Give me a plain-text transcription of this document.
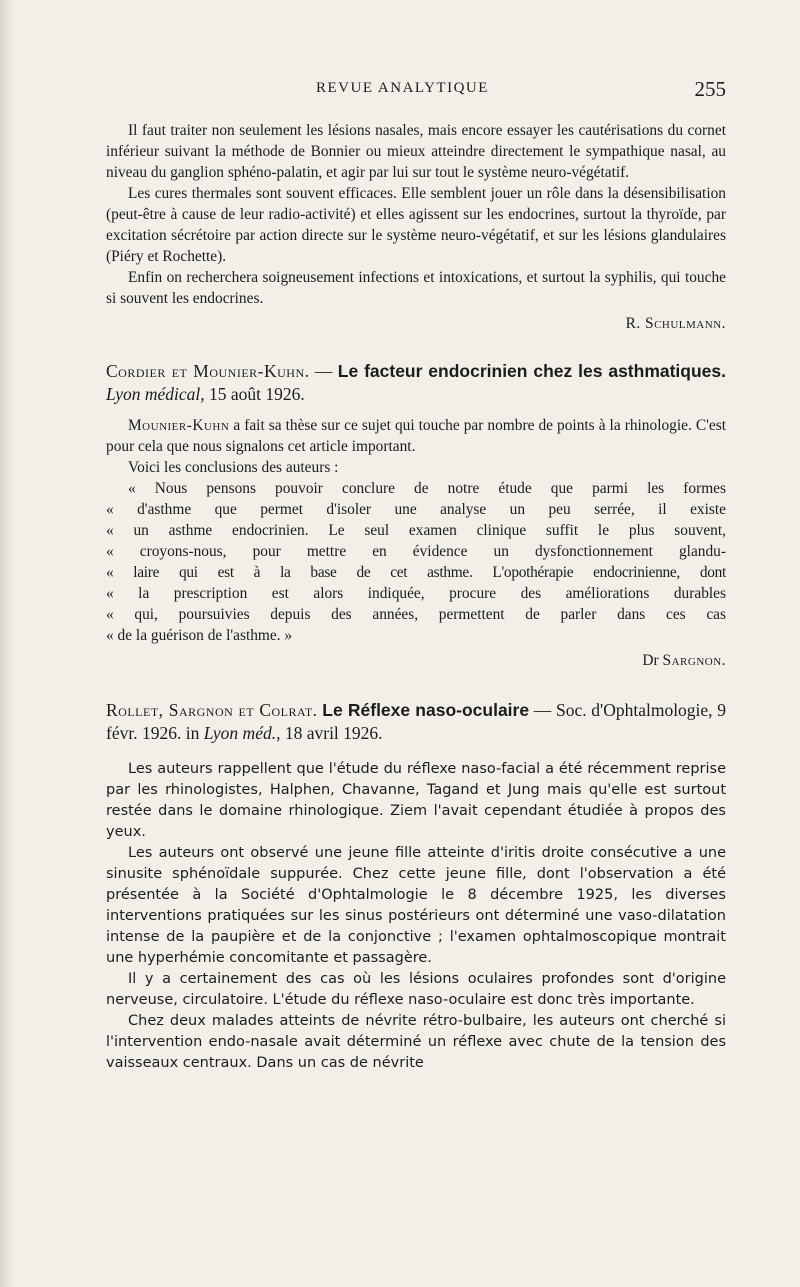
REVUE ANALYTIQUE	255

Il faut traiter non seulement les lésions nasales, mais encore essayer les cautérisations du cornet inférieur suivant la méthode de Bonnier ou mieux atteindre directement le sympathique nasal, au niveau du ganglion sphéno-palatin, et agir par lui sur tout le système neuro-végétatif.

Les cures thermales sont souvent efficaces. Elle semblent jouer un rôle dans la désensibilisation (peut-être à cause de leur radio-activité) et elles agissent sur les endocrines, surtout la thyroïde, par excitation sécrétoire par action directe sur le système neuro-végétatif, et sur les lésions glandulaires (Piéry et Rochette).

Enfin on recherchera soigneusement infections et intoxications, et surtout la syphilis, qui touche si souvent les endocrines.

R. Schulmann.
Cordier et Mounier-Kuhn. — Le facteur endocrinien chez les asthmatiques. Lyon médical, 15 août 1926.

Mounier-Kuhn a fait sa thèse sur ce sujet qui touche par nombre de points à la rhinologie. C'est pour cela que nous signalons cet article important.

Voici les conclusions des auteurs :

« Nous pensons pouvoir conclure de notre étude que parmi les formes

« d'asthme que permet d'isoler une analyse un peu serrée, il existe

« un asthme endocrinien. Le seul examen clinique suffit le plus souvent,

« croyons-nous, pour mettre en évidence un dysfonctionnement glandu-

« laire qui est à la base de cet asthme. L'opothérapie endocrinienne, dont

« la prescription est alors indiquée, procure des améliorations durables

« qui, poursuivies depuis des années, permettent de parler dans ces cas

« de la guérison de l'asthme. »

Dr Sargnon.
Rollet, Sargnon et Colrat. Le Réflexe naso-oculaire — Soc. d'Ophtalmologie, 9 févr. 1926. in Lyon méd., 18 avril 1926.

Les auteurs rappellent que l'étude du réflexe naso-facial a été récemment reprise par les rhinologistes, Halphen, Chavanne, Tagand et Jung mais qu'elle est surtout restée dans le domaine rhinologique. Ziem l'avait cependant étudiée à propos des yeux.

Les auteurs ont observé une jeune fille atteinte d'iritis droite consécutive a une sinusite sphénoïdale suppurée. Chez cette jeune fille, dont l'observation a été présentée à la Société d'Ophtalmologie le 8 décembre 1925, les diverses interventions pratiquées sur les sinus postérieurs ont déterminé une vaso-dilatation intense de la paupière et de la conjonctive ; l'examen ophtalmoscopique montrait une hyperhémie concomitante et passagère.

Il y a certainement des cas où les lésions oculaires profondes sont d'origine nerveuse, circulatoire. L'étude du réflexe naso-oculaire est donc très importante.

Chez deux malades atteints de névrite rétro-bulbaire, les auteurs ont cherché si l'intervention endo-nasale avait déterminé un réflexe avec chute de la tension des vaisseaux centraux. Dans un cas de névrite
